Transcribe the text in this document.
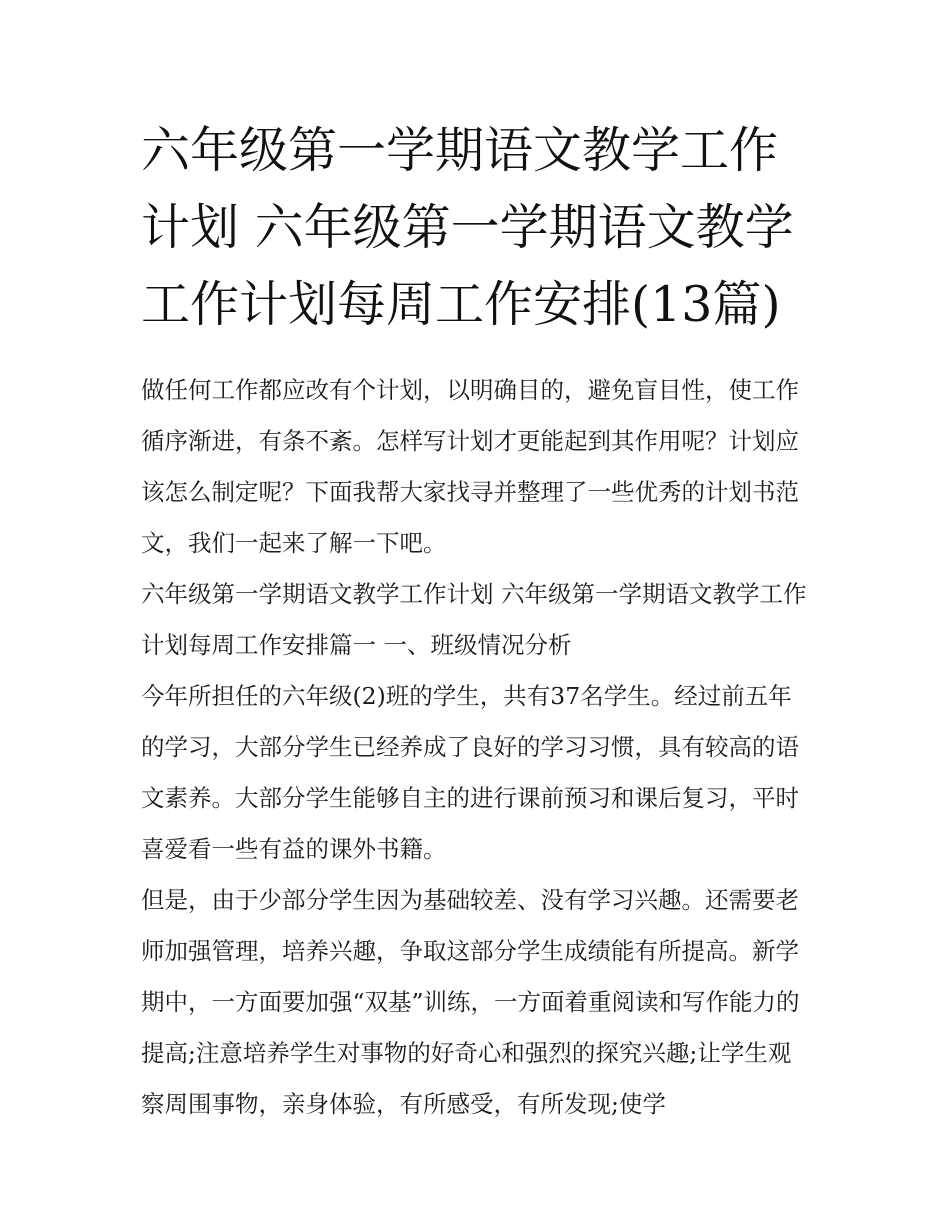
六年级第一学期语文教学工作计划 六年级第一学期语文教学工作计划每周工作安排(13篇)

做任何工作都应改有个计划，以明确目的，避免盲目性，使工作循序渐进，有条不紊。怎样写计划才更能起到其作用呢？计划应该怎么制定呢？下面我帮大家找寻并整理了一些优秀的计划书范文，我们一起来了解一下吧。

六年级第一学期语文教学工作计划 六年级第一学期语文教学工作计划每周工作安排篇一 一、班级情况分析

今年所担任的六年级(2)班的学生，共有37名学生。经过前五年的学习，大部分学生已经养成了良好的学习习惯，具有较高的语文素养。大部分学生能够自主的进行课前预习和课后复习，平时喜爱看一些有益的课外书籍。

但是，由于少部分学生因为基础较差、没有学习兴趣。还需要老师加强管理，培养兴趣，争取这部分学生成绩能有所提高。新学期中，一方面要加强“双基”训练，一方面着重阅读和写作能力的提高;注意培养学生对事物的好奇心和强烈的探究兴趣;让学生观察周围事物，亲身体验，有所感受，有所发现;使学
